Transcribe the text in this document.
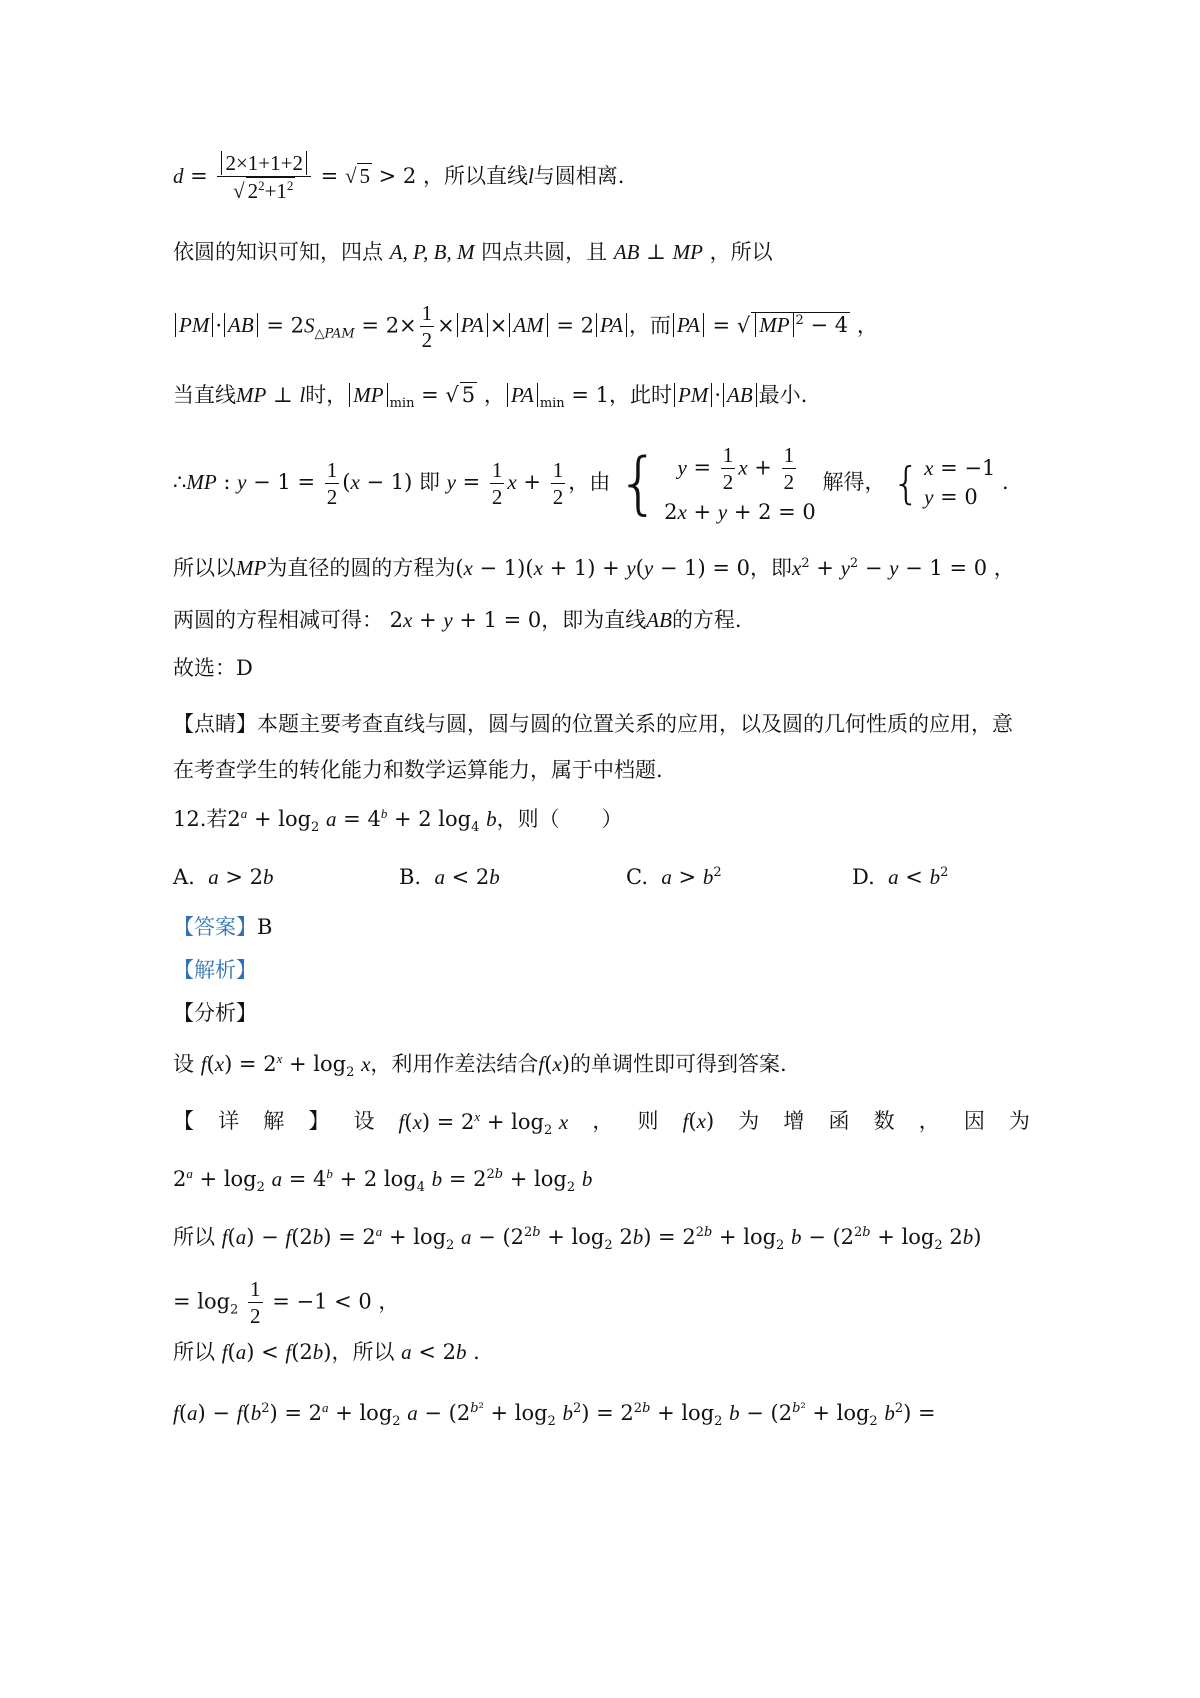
$d = \frac{2\times 1+1+2}{√ 2^2+1^2}$ = √ 5 > 2 ，所以直线l与圆相离.
依圆的知识可知，四点 A, P, B, M 四点共圆，且 AB ⊥ MP ，所以
PM · AB = $2S_{\triangle PAM} = 2\times \frac{1}{2}$ × PA × AM = 2 PA ，而 PA = √ MP $^2$ − 4 ，
当直线MP ⊥ l时， MP $_{min}$ = √ 5 ， PA $_{min}$ = 1，此时 PM · AB 最小.
∴MP : $y - 1 = \frac{1}{2} (x - 1)$ 即 $y = \frac{1}{2}$ $x + \frac{1}{2}$ ，由 { $y = \frac{1}{2}$ $x + \frac{1}{2}$
2x + y + 2 = 0
解得， { x = −1
y = 0
.
所以以MP为直径的圆的方程为(x − 1)(x + 1) + y(y − 1) = 0，即$x^2 + y^2 - y - 1 = 0$ ，
两圆的方程相减可得： 2x + y + 1 = 0，即为直线AB的方程.
故选：D
【点睛】本题主要考查直线与圆，圆与圆的位置关系的应用，以及圆的几何性质的应用，意
在考查学生的转化能力和数学运算能力，属于中档题.
12.若$2^a + \log_2 a = 4^b + 2$ $\log_4 b$，则（　　）
A. a > 2b	B. a < 2b	C. $a > b^2$	D. $a < b^2$
【答案】B
【解析】
【分析】
设 $f(x) = 2^x + \log_2 x$，利用作差法结合f(x)的单调性即可得到答案.
【 详 解 】 设 $f(x) = 2^x + \log_2 x$ ， 则 f(x) 为 增 函 数 ， 因 为
$2^a + \log_2 a = 4^b + 2$ $\log_4 b = 2^{2b} + \log_2 b$
所以 $f(a) - f(2b) = 2^a + \log_2 a - (2^{2b} + \log_2 2b) = 2^{2b} + \log_2 b - (2^{2b} + \log_2 2b)$
= $\log_2 \frac{1}{2} = -1 < 0$ ，
所以 f(a) < f(2b)，所以 a < 2b .
$f(a) - f(b^2) = 2^a + \log_2 a - (2^{b^2} + \log_2 b^2) = 2^{2b} + \log_2 b - (2^{b^2} + \log_2 b^2)$ =
